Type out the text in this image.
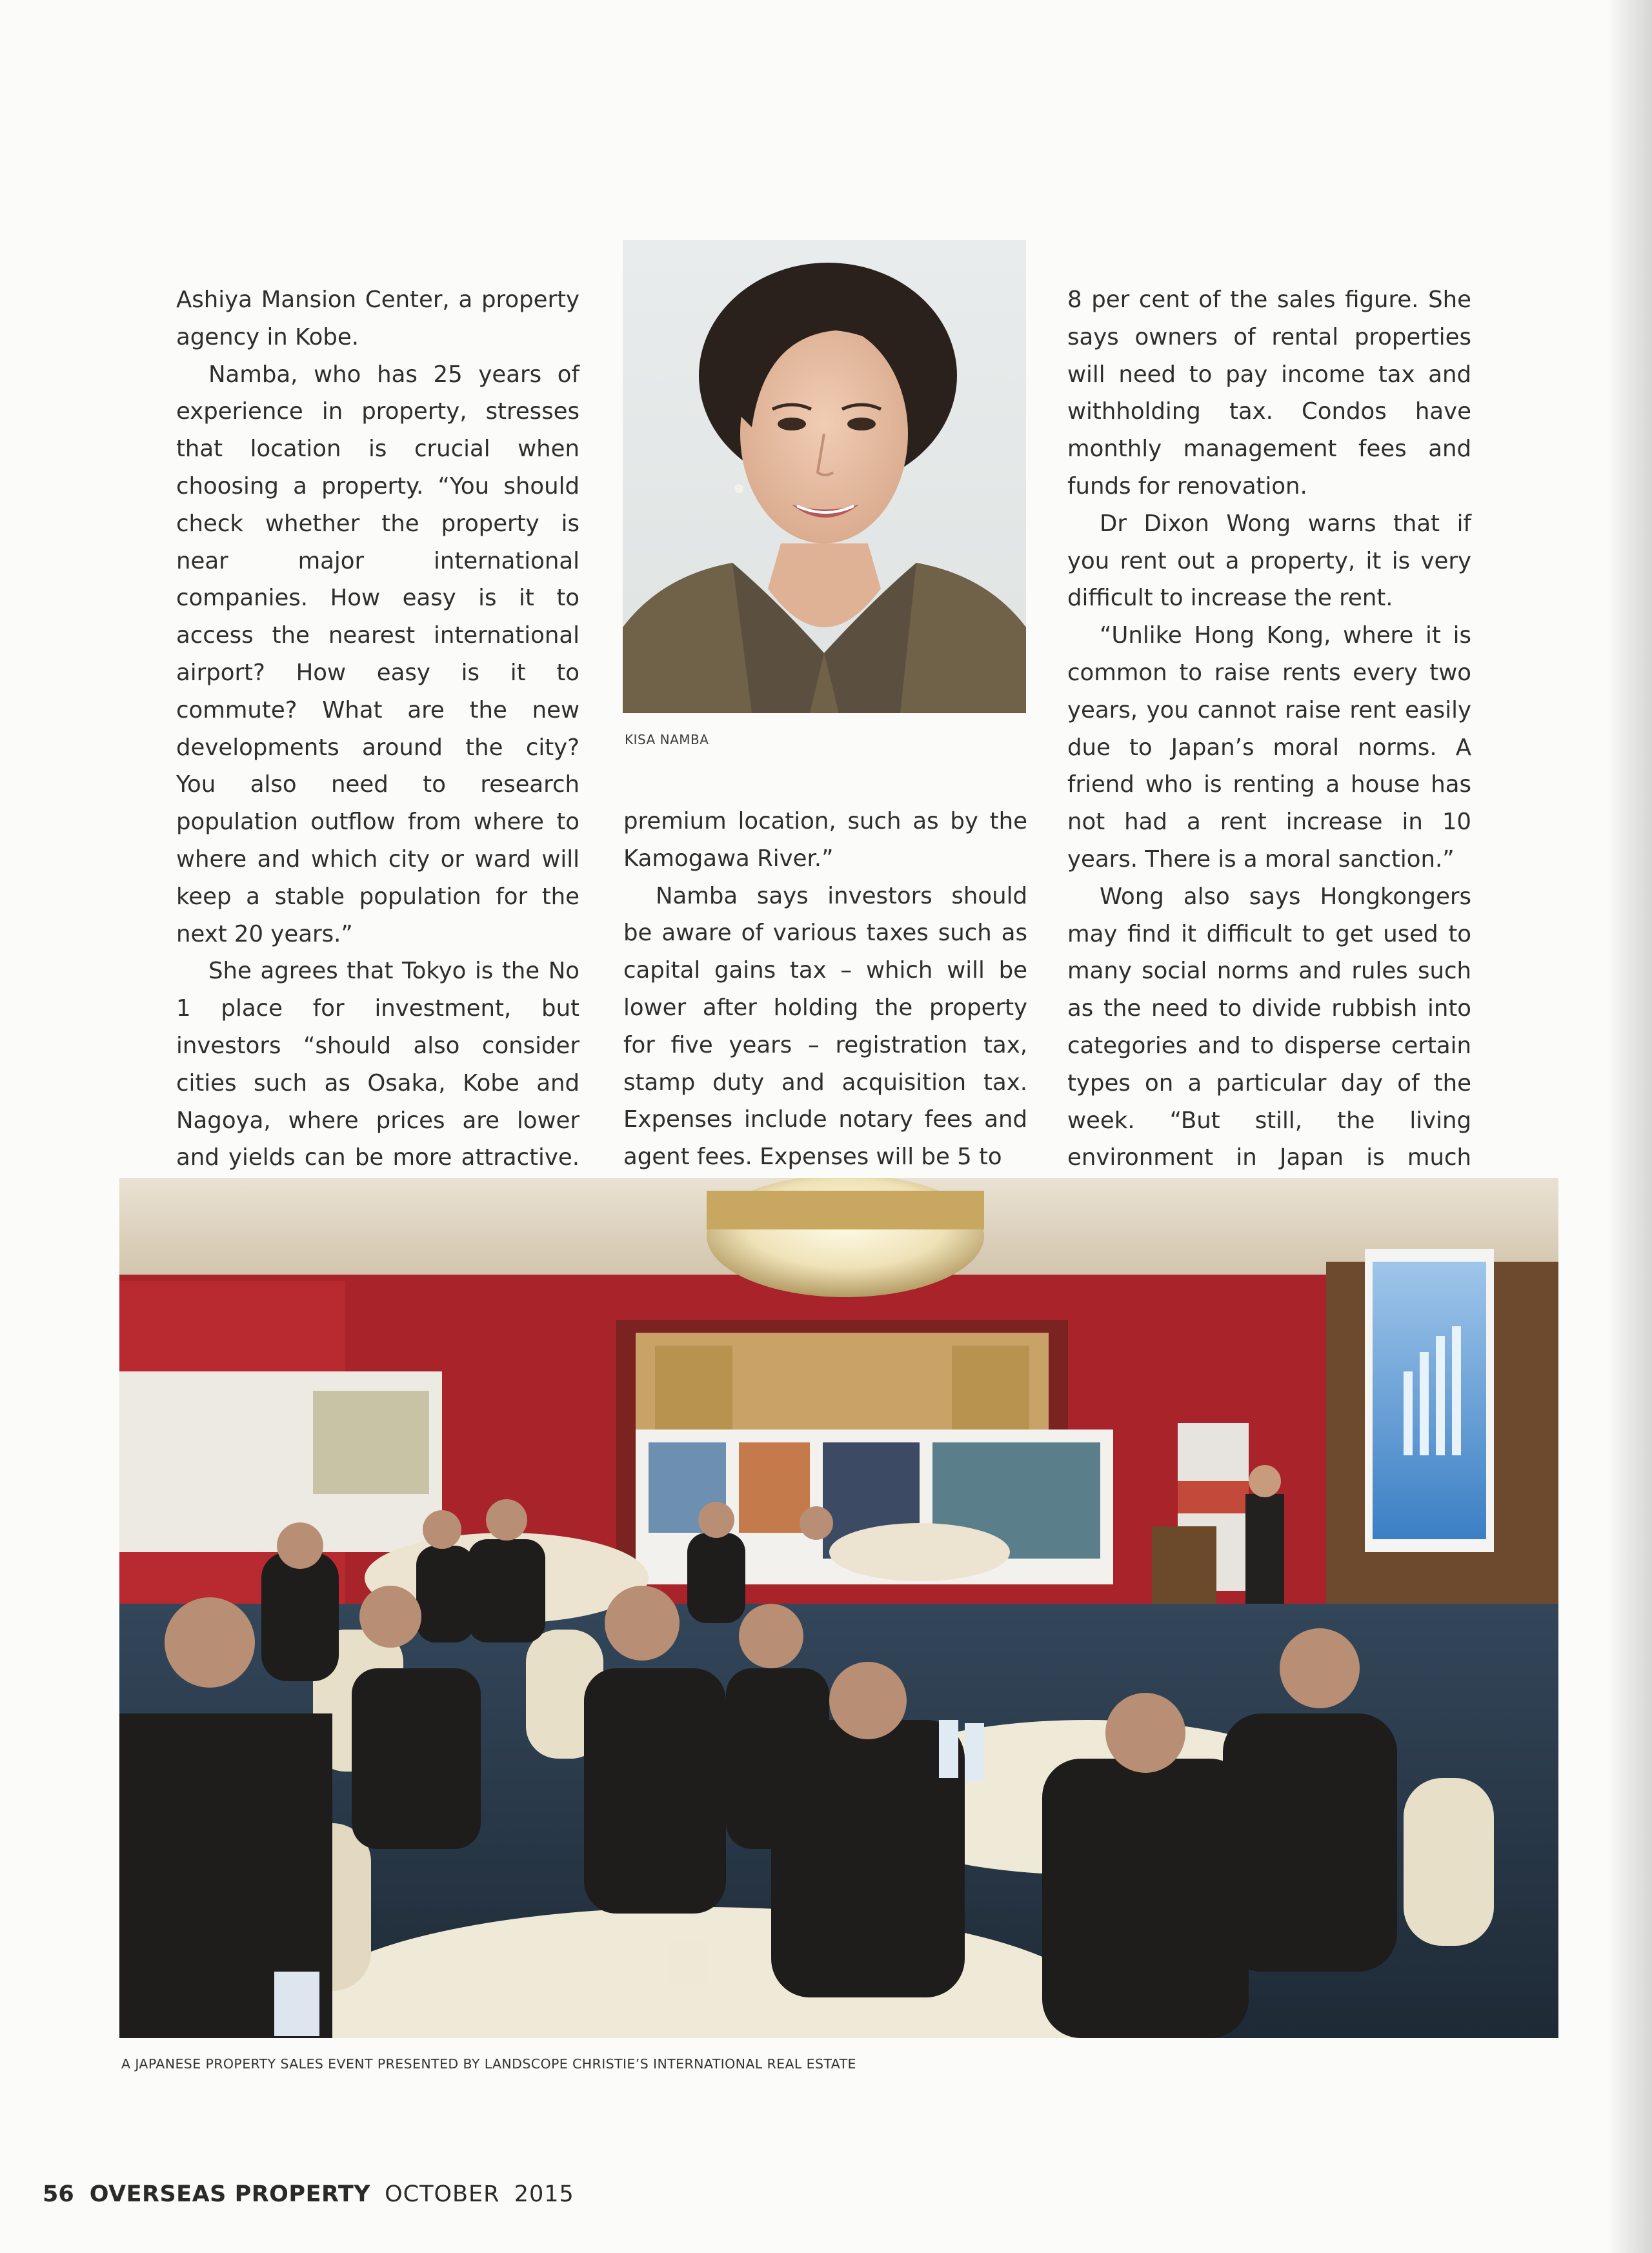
Ashiya Mansion Center, a property agency in Kobe.

Namba, who has 25 years of experience in property, stresses that location is crucial when choosing a property. “You should check whether the property is near major international companies. How easy is it to access the nearest international airport? How easy is it to commute? What are the new developments around the city? You also need to research population outflow from where to where and which city or ward will keep a stable population for the next 20 years.”

She agrees that Tokyo is the No 1 place for investment, but investors “should also consider cities such as Osaka, Kobe and Nagoya, where prices are lower and yields can be more attractive.

KISA NAMBA

premium location, such as by the Kamogawa River.”

Namba says investors should be aware of various taxes such as capital gains tax – which will be lower after holding the property for five years – registration tax, stamp duty and acquisition tax. Expenses include notary fees and agent fees. Expenses will be 5 to

8 per cent of the sales figure. She says owners of rental properties will need to pay income tax and withholding tax. Condos have monthly management fees and funds for renovation.

Dr Dixon Wong warns that if you rent out a property, it is very difficult to increase the rent.

“Unlike Hong Kong, where it is common to raise rents every two years, you cannot raise rent easily due to Japan’s moral norms. A friend who is renting a house has not had a rent increase in 10 years. There is a moral sanction.”

Wong also says Hongkongers may find it difficult to get used to many social norms and rules such as the need to divide rubbish into categories and to disperse certain types on a particular day of the week. “But still, the living environment in Japan is much

A JAPANESE PROPERTY SALES EVENT PRESENTED BY LANDSCOPE CHRISTIE’S INTERNATIONAL REAL ESTATE
56 OVERSEAS PROPERTY OCTOBER 2015
